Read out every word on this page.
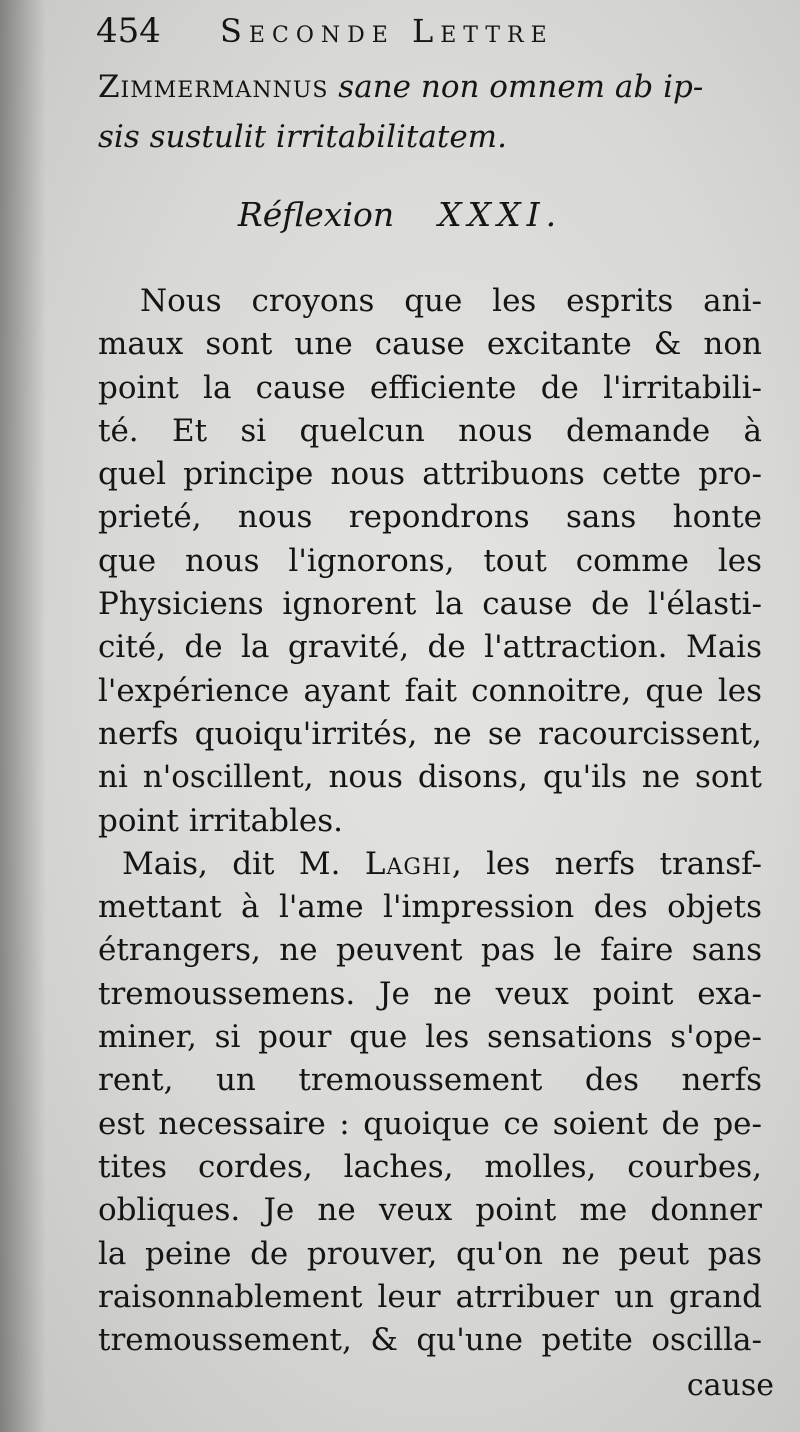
454 Seconde Lettre
Zimmermannus sane non omnem ab ip-
sis sustulit irritabilitatem.
Réflexion XXXI.
Nous croyons que les esprits ani-
maux sont une cause excitante & non
point la cause efficiente de l'irritabili-
té. Et si quelcun nous demande à
quel principe nous attribuons cette pro-
prieté, nous repondrons sans honte
que nous l'ignorons, tout comme les
Physiciens ignorent la cause de l'élasti-
cité, de la gravité, de l'attraction. Mais
l'expérience ayant fait connoitre, que les
nerfs quoiqu'irrités, ne se racourcissent,
ni n'oscillent, nous disons, qu'ils ne sont
point irritables.
Mais, dit M. Laghi, les nerfs transf-
mettant à l'ame l'impression des objets
étrangers, ne peuvent pas le faire sans
tremoussemens. Je ne veux point exa-
miner, si pour que les sensations s'ope-
rent, un tremoussement des nerfs
est necessaire : quoique ce soient de pe-
tites cordes, laches, molles, courbes,
obliques. Je ne veux point me donner
la peine de prouver, qu'on ne peut pas
raisonnablement leur atrribuer un grand
tremoussement, & qu'une petite oscilla-
cause
